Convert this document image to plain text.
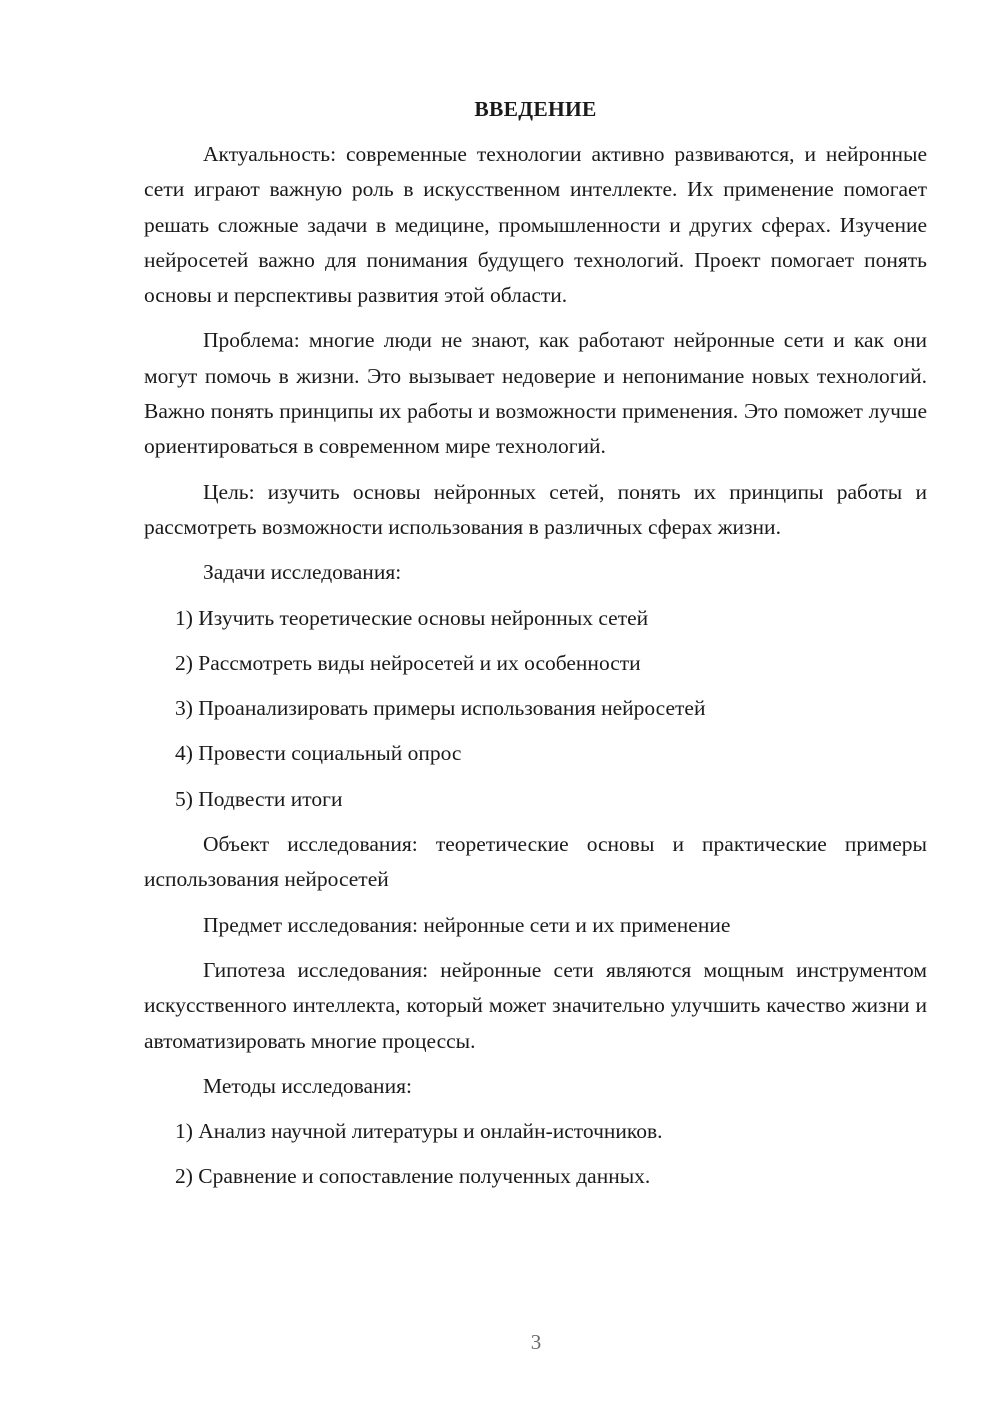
ВВЕДЕНИЕ

Актуальность: современные технологии активно развиваются, и нейронные сети играют важную роль в искусственном интеллекте. Их применение помогает решать сложные задачи в медицине, промышленности и других сферах. Изучение нейросетей важно для понимания будущего технологий. Проект помогает понять основы и перспективы развития этой области.

Проблема: многие люди не знают, как работают нейронные сети и как они могут помочь в жизни. Это вызывает недоверие и непонимание новых технологий. Важно понять принципы их работы и возможности применения. Это поможет лучше ориентироваться в современном мире технологий.

Цель: изучить основы нейронных сетей, понять их принципы работы и рассмотреть возможности использования в различных сферах жизни.

Задачи исследования:

1) Изучить теоретические основы нейронных сетей
2) Рассмотреть виды нейросетей и их особенности
3) Проанализировать примеры использования нейросетей
4) Провести социальный опрос
5) Подвести итоги

Объект исследования: теоретические основы и практические примеры использования нейросетей

Предмет исследования: нейронные сети и их применение

Гипотеза исследования: нейронные сети являются мощным инструментом искусственного интеллекта, который может значительно улучшить качество жизни и автоматизировать многие процессы.

Методы исследования:

1) Анализ научной литературы и онлайн-источников.
2) Сравнение и сопоставление полученных данных.
3
